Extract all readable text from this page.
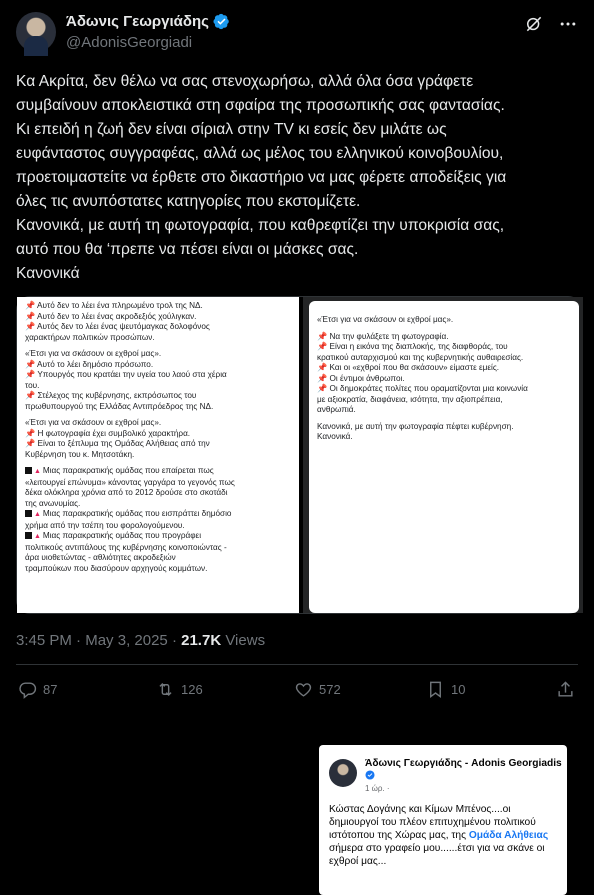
Άδωνις Γεωργιάδης
@AdonisGeorgiadi

Κα Ακρίτα, δεν θέλω να σας στενοχωρήσω, αλλά όλα όσα γράφετε

συμβαίνουν αποκλειστικά στη σφαίρα της προσωπικής σας φαντασίας.

Κι επειδή η ζωή δεν είναι σίριαλ στην TV κι εσείς δεν μιλάτε ως

ευφάνταστος συγγραφέας, αλλά ως μέλος του ελληνικού κοινοβουλίου,

προετοιμαστείτε να έρθετε στο δικαστήριο να μας φέρετε αποδείξεις για

όλες τις ανυπόστατες κατηγορίες που εκστομίζετε.

Κανονικά, με αυτή τη φωτογραφία, που καθρεφτίζει την υποκρισία σας,

αυτό που θα ‘πρεπε να πέσει είναι οι μάσκες σας.

Κανονικά

📌 Αυτό δεν το λέει ένα πληρωμένο τρολ της ΝΔ.
📌 Αυτό δεν το λέει ένας ακροδεξιός χούλιγκαν.
📌 Αυτός δεν το λέει ένας ψευτόμαγκας δολοφόνος
χαρακτήρων πολιτικών προσώπων.
«Έτσι για να σκάσουν οι εχθροί μας».
📌 Αυτό το λέει δημόσιο πρόσωπο.
📌 Υπουργός που κρατάει την υγεία του λαού στα χέρια
του.
📌 Στέλεχος της κυβέρνησης, εκπρόσωπος του
πρωθυπουργού της Ελλάδας Αντιπρόεδρος της ΝΔ.
«Έτσι για να σκάσουν οι εχθροί μας».
📌 Η φωτογραφία έχει συμβολικό χαρακτήρα.
📌 Είναι το ξέπλυμα της Ομάδας Αλήθειας από την
Κυβέρνηση του κ. Μητσοτάκη.
▲ Μιας παρακρατικής ομάδας που επαίρεται πως
«λειτουργεί επώνυμα» κάνοντας γαργάρα το γεγονός πως
δέκα ολόκληρα χρόνια από το 2012 δρούσε στο σκοτάδι
της ανωνυμίας.
▲ Μιας παρακρατικής ομάδας που εισπράττει δημόσιο
χρήμα από την τσέπη του φορολογούμενου.
▲ Μιας παρακρατικής ομάδας που προγράφει
πολιτικούς αντιπάλους της κυβέρνησης κοινοποιώντας -
άρα υιοθετώντας - αθλιότητες ακροδεξιών
τραμπούκων που διασύρουν αρχηγούς κομμάτων.
«Έτσι για να σκάσουν οι εχθροί μας».
📌 Να την φυλάξετε τη φωτογραφία.
📌 Είναι η εικόνα της διαπλοκής, της διαφθοράς, του
κρατικού αυταρχισμού και της κυβερνητικής αυθαιρεσίας.
📌 Και οι «εχθροί που θα σκάσουν» είμαστε εμείς.
📌 Οι έντιμοι άνθρωποι.
📌 Οι δημοκράτες πολίτες που οραματίζονται μια κοινωνία
με αξιοκρατία, διαφάνεια, ισότητα, την αξιοπρέπεια,
ανθρωπιά.
Κανονικά, με αυτή την φωτογραφία πέφτει κυβέρνηση.
Κανονικά.
Άδωνις Γεωργιάδης - Adonis Georgiadis
1 ώρ. ·
Κώστας Δογάνης και Κίμων Μπένος....οι δημιουργοί του πλέον επιτυχημένου πολιτικού ιστότοπου της Χώρας μας, της Ομάδα Αλήθειας σήμερα στο γραφείο μου......έτσι για να σκάνε οι εχθροί μας...
3:45 PM · May 3, 2025 · 21.7K Views
87	126	572	10
